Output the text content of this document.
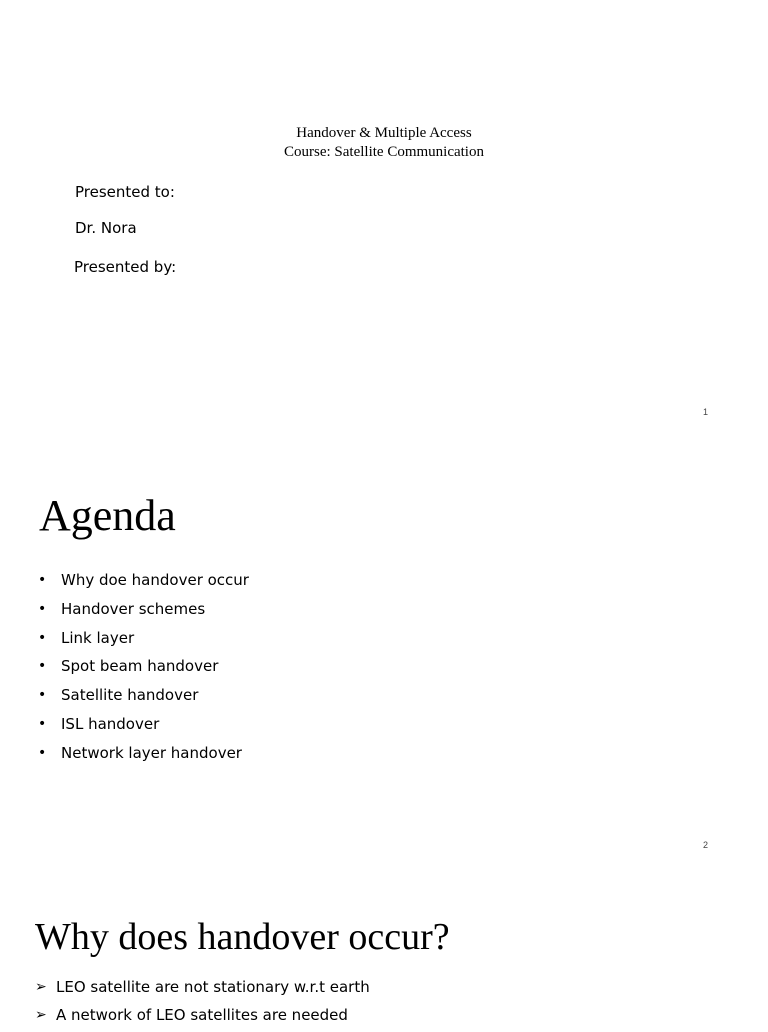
Handover & Multiple Access
Course: Satellite Communication
Presented to:
Dr. Nora
Presented by:
1
Agenda
• Why doe handover occur
• Handover schemes
• Link layer
• Spot beam handover
• Satellite handover
• ISL handover
• Network layer handover
2
Why does handover occur?
➢ LEO satellite are not stationary w.r.t earth
➢ A network of LEO satellites are needed
